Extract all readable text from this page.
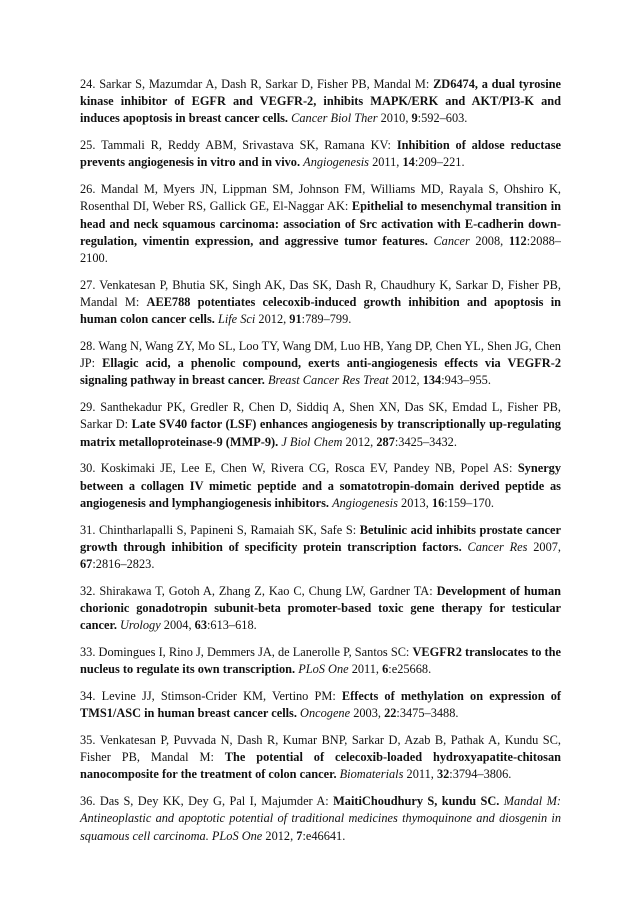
24. Sarkar S, Mazumdar A, Dash R, Sarkar D, Fisher PB, Mandal M: ZD6474, a dual tyrosine kinase inhibitor of EGFR and VEGFR-2, inhibits MAPK/ERK and AKT/PI3-K and induces apoptosis in breast cancer cells. Cancer Biol Ther 2010, 9:592–603.

25. Tammali R, Reddy ABM, Srivastava SK, Ramana KV: Inhibition of aldose reductase prevents angiogenesis in vitro and in vivo. Angiogenesis 2011, 14:209–221.

26. Mandal M, Myers JN, Lippman SM, Johnson FM, Williams MD, Rayala S, Ohshiro K, Rosenthal DI, Weber RS, Gallick GE, El-Naggar AK: Epithelial to mesenchymal transition in head and neck squamous carcinoma: association of Src activation with E-cadherin down-regulation, vimentin expression, and aggressive tumor features. Cancer 2008, 112:2088–2100.

27. Venkatesan P, Bhutia SK, Singh AK, Das SK, Dash R, Chaudhury K, Sarkar D, Fisher PB, Mandal M: AEE788 potentiates celecoxib-induced growth inhibition and apoptosis in human colon cancer cells. Life Sci 2012, 91:789–799.

28. Wang N, Wang ZY, Mo SL, Loo TY, Wang DM, Luo HB, Yang DP, Chen YL, Shen JG, Chen JP: Ellagic acid, a phenolic compound, exerts anti-angiogenesis effects via VEGFR-2 signaling pathway in breast cancer. Breast Cancer Res Treat 2012, 134:943–955.

29. Santhekadur PK, Gredler R, Chen D, Siddiq A, Shen XN, Das SK, Emdad L, Fisher PB, Sarkar D: Late SV40 factor (LSF) enhances angiogenesis by transcriptionally up-regulating matrix metalloproteinase-9 (MMP-9). J Biol Chem 2012, 287:3425–3432.

30. Koskimaki JE, Lee E, Chen W, Rivera CG, Rosca EV, Pandey NB, Popel AS: Synergy between a collagen IV mimetic peptide and a somatotropin-domain derived peptide as angiogenesis and lymphangiogenesis inhibitors. Angiogenesis 2013, 16:159–170.

31. Chintharlapalli S, Papineni S, Ramaiah SK, Safe S: Betulinic acid inhibits prostate cancer growth through inhibition of specificity protein transcription factors. Cancer Res 2007, 67:2816–2823.

32. Shirakawa T, Gotoh A, Zhang Z, Kao C, Chung LW, Gardner TA: Development of human chorionic gonadotropin subunit-beta promoter-based toxic gene therapy for testicular cancer. Urology 2004, 63:613–618.

33. Domingues I, Rino J, Demmers JA, de Lanerolle P, Santos SC: VEGFR2 translocates to the nucleus to regulate its own transcription. PLoS One 2011, 6:e25668.

34. Levine JJ, Stimson-Crider KM, Vertino PM: Effects of methylation on expression of TMS1/ASC in human breast cancer cells. Oncogene 2003, 22:3475–3488.

35. Venkatesan P, Puvvada N, Dash R, Kumar BNP, Sarkar D, Azab B, Pathak A, Kundu SC, Fisher PB, Mandal M: The potential of celecoxib-loaded hydroxyapatite-chitosan nanocomposite for the treatment of colon cancer. Biomaterials 2011, 32:3794–3806.

36. Das S, Dey KK, Dey G, Pal I, Majumder A: MaitiChoudhury S, kundu SC. Mandal M: Antineoplastic and apoptotic potential of traditional medicines thymoquinone and diosgenin in squamous cell carcinoma. PLoS One 2012, 7:e46641.
